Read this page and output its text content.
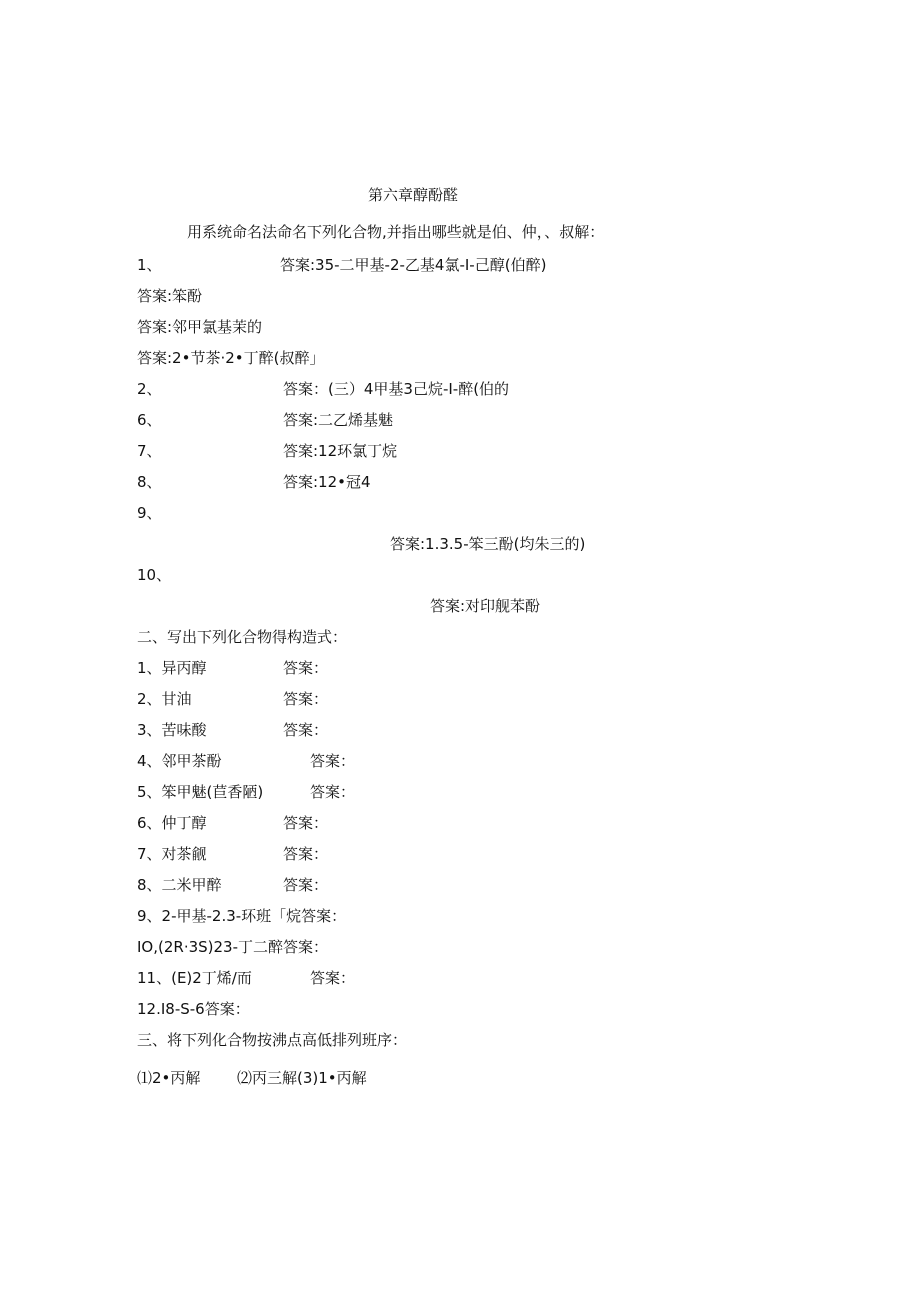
第六章醇酚醛
用系统命名法命名下列化合物,并指出哪些就是伯、仲，、叔解：
1、	答案:35-二甲基-2-乙基4氯-I-己醇(伯醉)
答案:笨酚
答案:邻甲氯基茉的
答案:2•节茶·2•丁醉(叔醉」
2、	答案：(三）4甲基3己烷-I-醉(伯的
6、	答案:二乙烯基魅
7、	答案:12环氯丁烷
8、	答案:12•冠4
9、
答案:1.3.5-笨三酚(均朱三的)
10、
答案:对印舰苯酚
二、写出下列化合物得构造式：
1、异丙醇	答案：
2、甘油	答案：
3、苦味酸	答案：
4、邻甲茶酚	答案：
5、笨甲魅(苣香陋)	答案：
6、仲丁醇	答案：
7、对茶觎	答案：
8、二米甲醉	答案：
9、2-甲基-2.3-环班「烷答案：
IO,(2R·3S)23-丁二醉答案：
11、(E)2丁烯/而	答案：
12.I8-S-6答案：
三、将下列化合物按沸点高低排列班序：
⑴2•丙解 ⑵丙三解(3)1•丙解
